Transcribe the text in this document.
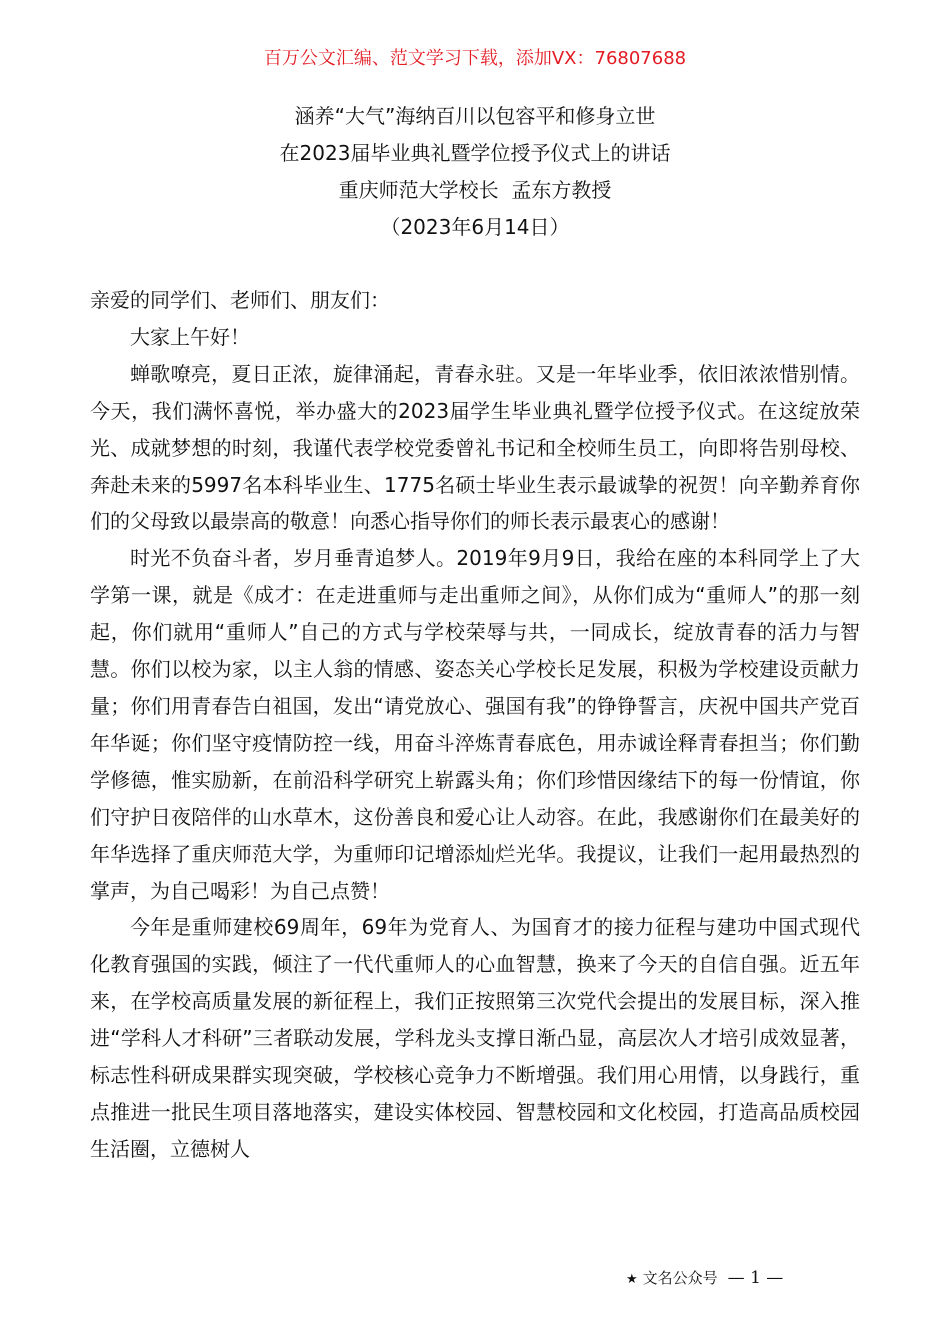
百万公文汇编、范文学习下载，添加VX：76807688
涵养“大气”海纳百川以包容平和修身立世
在2023届毕业典礼暨学位授予仪式上的讲话
重庆师范大学校长  孟东方教授
（2023年6月14日）

亲爱的同学们、老师们、朋友们：

大家上午好！

蝉歌嘹亮，夏日正浓，旋律涌起，青春永驻。又是一年毕业季，依旧浓浓惜别情。今天，我们满怀喜悦，举办盛大的2023届学生毕业典礼暨学位授予仪式。在这绽放荣光、成就梦想的时刻，我谨代表学校党委曾礼书记和全校师生员工，向即将告别母校、奔赴未来的5997名本科毕业生、1775名硕士毕业生表示最诚挚的祝贺！向辛勤养育你们的父母致以最崇高的敬意！向悉心指导你们的师长表示最衷心的感谢！

时光不负奋斗者，岁月垂青追梦人。2019年9月9日，我给在座的本科同学上了大学第一课，就是《成才：在走进重师与走出重师之间》，从你们成为“重师人”的那一刻起，你们就用“重师人”自己的方式与学校荣辱与共，一同成长，绽放青春的活力与智慧。你们以校为家，以主人翁的情感、姿态关心学校长足发展，积极为学校建设贡献力量；你们用青春告白祖国，发出“请党放心、强国有我”的铮铮誓言，庆祝中国共产党百年华诞；你们坚守疫情防控一线，用奋斗淬炼青春底色，用赤诚诠释青春担当；你们勤学修德，惟实励新，在前沿科学研究上崭露头角；你们珍惜因缘结下的每一份情谊，你们守护日夜陪伴的山水草木，这份善良和爱心让人动容。在此，我感谢你们在最美好的年华选择了重庆师范大学，为重师印记增添灿烂光华。我提议，让我们一起用最热烈的掌声，为自己喝彩！为自己点赞！

今年是重师建校69周年，69年为党育人、为国育才的接力征程与建功中国式现代化教育强国的实践，倾注了一代代重师人的心血智慧，换来了今天的自信自强。近五年来，在学校高质量发展的新征程上，我们正按照第三次党代会提出的发展目标，深入推进“学科人才科研”三者联动发展，学科龙头支撑日渐凸显，高层次人才培引成效显著，标志性科研成果群实现突破，学校核心竞争力不断增强。我们用心用情，以身践行，重点推进一批民生项目落地落实，建设实体校园、智慧校园和文化校园，打造高品质校园生活圈，立德树人

★ 文名公众号 — 1 —
